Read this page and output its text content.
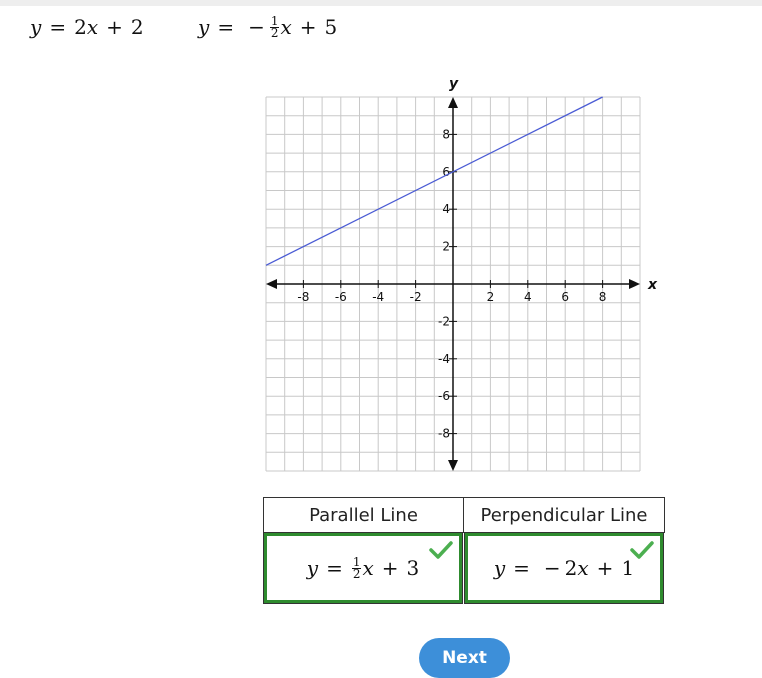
y = 2 x + 2	y = − $\frac{1}{2}$ x + 5
-8 -6 -4 -2	2 4 6 8
8
6
4
2
-2
-4
-6
-8
x
y
Parallel Line	Perpendicular Line
$y = \frac{1}{2}$ x + 3	y = − 2 x + 1
Next
